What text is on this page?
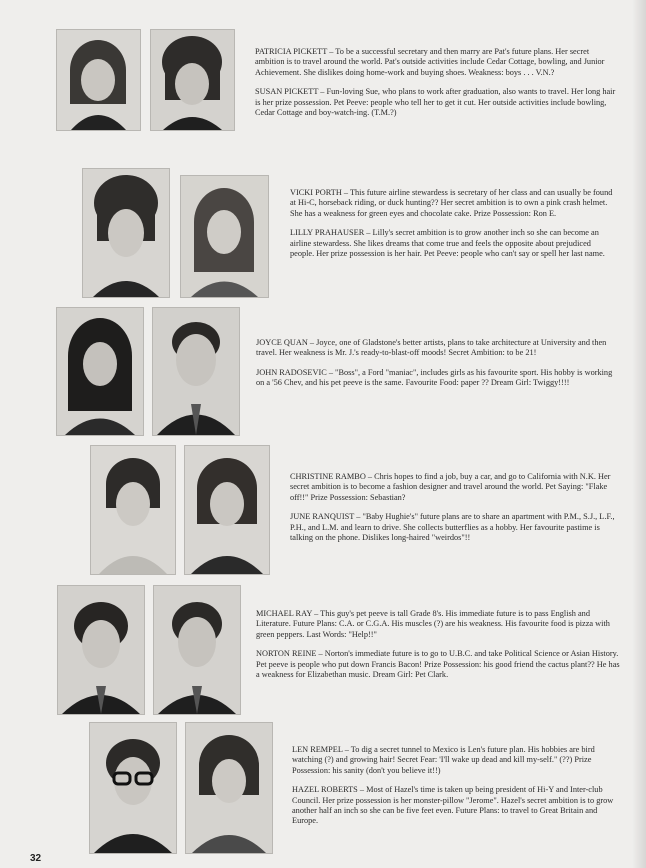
PATRICIA PICKETT – To be a successful secretary and then marry are Pat's future plans. Her secret ambition is to travel around the world. Pat's outside activities include Cedar Cottage, bowling, and Junior Achievement. She dislikes doing home-work and buying shoes. Weakness: boys . . . V.N.?

SUSAN PICKETT – Fun-loving Sue, who plans to work after graduation, also wants to travel. Her long hair is her prize possession. Pet Peeve: people who tell her to get it cut. Her outside activities include bowling, Cedar Cottage and boy-watch-ing. (T.M.?)

VICKI PORTH – This future airline stewardess is secretary of her class and can usually be found at Hi-C, horseback riding, or duck hunting?? Her secret ambition is to own a pink crash helmet. She has a weakness for green eyes and chocolate cake. Prize Possession: Ron E.

LILLY PRAHAUSER – Lilly's secret ambition is to grow another inch so she can become an airline stewardess. She likes dreams that come true and feels the opposite about prejudiced people. Her prize possession is her hair. Pet Peeve: people who can't say or spell her last name.

JOYCE QUAN – Joyce, one of Gladstone's better artists, plans to take architecture at University and then travel. Her weakness is Mr. J.'s ready-to-blast-off moods! Secret Ambition: to be 21!

JOHN RADOSEVIC – "Boss", a Ford "maniac", includes girls as his favourite sport. His hobby is working on a '56 Chev, and his pet peeve is the same. Favourite Food: paper ?? Dream Girl: Twiggy!!!!

CHRISTINE RAMBO – Chris hopes to find a job, buy a car, and go to California with N.K. Her secret ambition is to become a fashion designer and travel around the world. Pet Saying: "Flake off!!" Prize Possession: Sebastian?

JUNE RANQUIST – "Baby Hughie's" future plans are to share an apartment with P.M., S.J., L.F., P.H., and L.M. and learn to drive. She collects butterflies as a hobby. Her favourite pastime is talking on the phone. Dislikes long-haired "weirdos"!!

MICHAEL RAY – This guy's pet peeve is tall Grade 8's. His immediate future is to pass English and Literature. Future Plans: C.A. or C.G.A. His muscles (?) are his weakness. His favourite food is pizza with green peppers. Last Words: "Help!!"

NORTON REINE – Norton's immediate future is to go to U.B.C. and take Political Science or Asian History. Pet peeve is people who put down Francis Bacon! Prize Possession: his good friend the cactus plant?? He has a weakness for Elizabethan music. Dream Girl: Pet Clark.

LEN REMPEL – To dig a secret tunnel to Mexico is Len's future plan. His hobbies are bird watching (?) and growing hair! Secret Fear: 'I'll wake up dead and kill my-self." (??) Prize Possession: his sanity (don't you believe it!!)

HAZEL ROBERTS – Most of Hazel's time is taken up being president of Hi-Y and Inter-club Council. Her prize possession is her monster-pillow "Jerome". Hazel's secret ambition is to grow another half an inch so she can be five feet even. Future Plans: to travel to Great Britain and Europe.

32
